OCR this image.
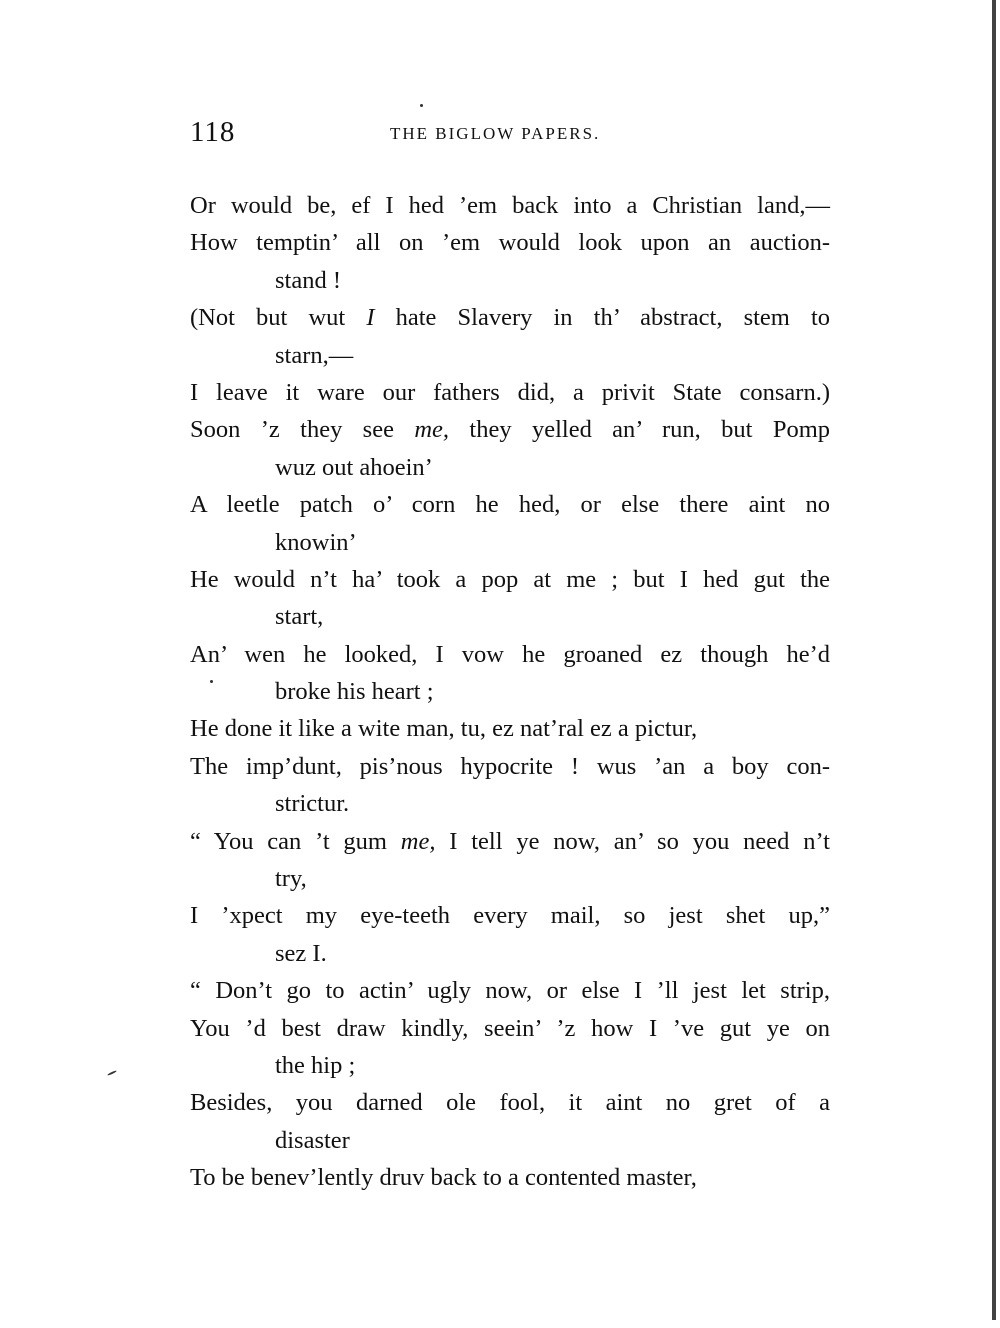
118	THE BIGLOW PAPERS.
Or would be, ef I hed ’em back into a Christian land,—
How temptin’ all on ’em would look upon an auction-
stand !
(Not but wut I hate Slavery in th’ abstract, stem to
starn,—
I leave it ware our fathers did, a privit State consarn.)
Soon ’z they see me, they yelled an’ run, but Pomp
wuz out ahoein’
A leetle patch o’ corn he hed, or else there aint no
knowin’
He would n’t ha’ took a pop at me ; but I hed gut the
start,
An’ wen he looked, I vow he groaned ez though he’d
broke his heart ;
He done it like a wite man, tu, ez nat’ral ez a pictur,
The imp’dunt, pis’nous hypocrite ! wus ’an a boy con-
strictur.
“ You can ’t gum me, I tell ye now, an’ so you need n’t
try,
I ’xpect my eye-teeth every mail, so jest shet up,”
sez I.
“ Don’t go to actin’ ugly now, or else I ’ll jest let strip,
You ’d best draw kindly, seein’ ’z how I ’ve gut ye on
the hip ;
Besides, you darned ole fool, it aint no gret of a
disaster
To be benev’lently druv back to a contented master,
